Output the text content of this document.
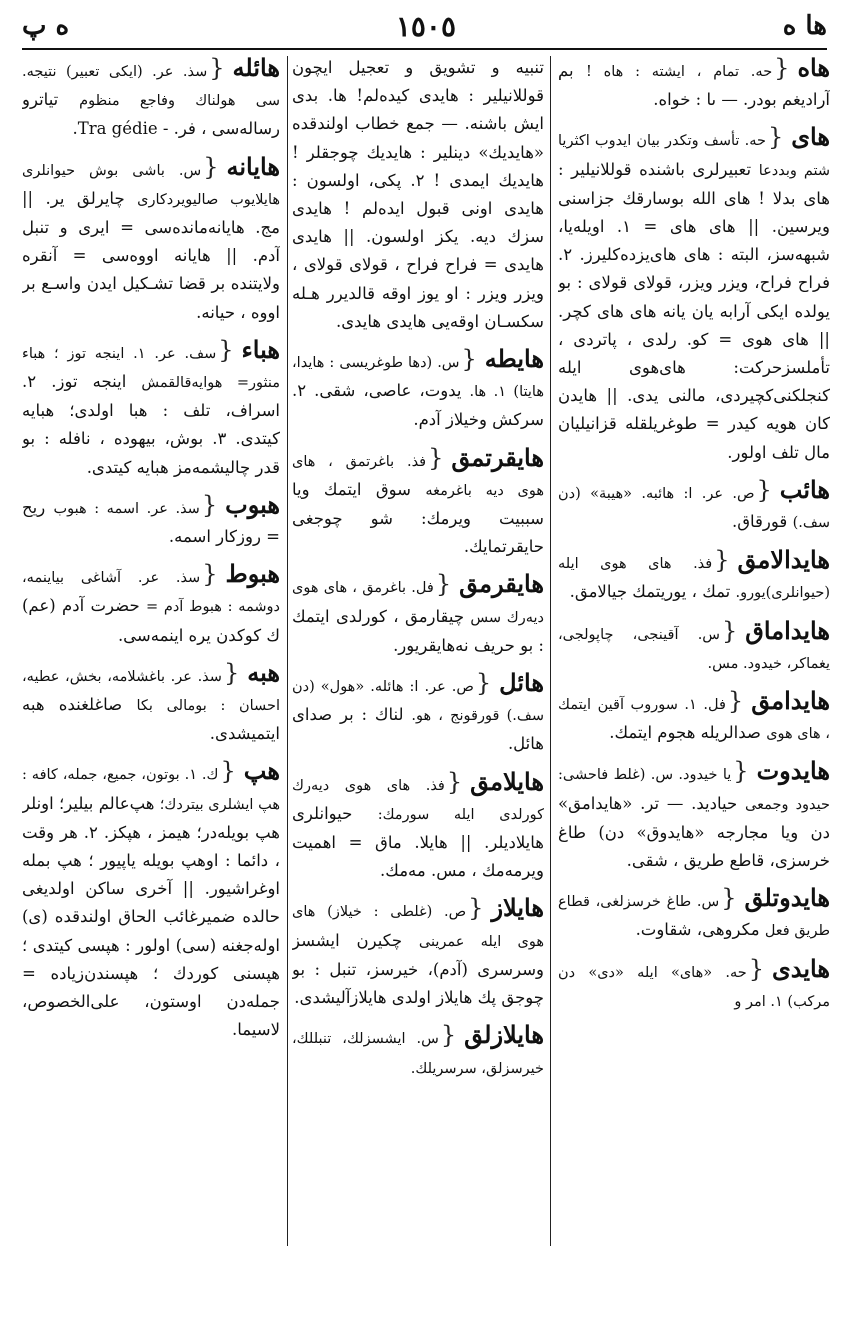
ه پ	١٥٠٥	ها ه
هاه{حه. تمام ، ایشته : هاه ! بم آرادیغم بودر. — ىا : خواه.
های{حه. تأسف وتکدر بیان ایدوب اکثریا شتم وبددعا تعبیرلری باشنده قوللانیلیر : های بدلا ! های الله بوسارقك جزاسنی ویرسین. || های های = ١. اویله‌یا، شبهه‌سز، البته : های های‌یزده‌کلیرز. ٢. فراح فراح، ویزر ویزر، قولای قولای : بو یولده ایکی آرابه یان یانه های های کچر. || های هوی = کو. رلدی ، پاتردی ، تأملسزحرکت: های‌هوی ایله کنجلکنی‌کچیردی، مالنی یدی. || هایدن کان هویه کیدر = طوغریلقله قزانیلیان مال تلف اولور.
هائب{ص. عر. ا: هائبه. «هیبة» (دن سف.) قورقاق.
هایدالامق{فذ. های هوی ایله (حیوانلری)یورو. تمك ، یوریتمك جیالامق.
هایداماق{س. آقینجی، چاپولجی، یغماکر، خیدود. مس.
هایدامق{فل. ١. سوروب آقین ایتمك ، های هوی صدالریله هجوم ایتمك.
هایدوت{یا خیدود. س. (غلط فاحشی: حیدود وجمعی حیادید. — تر. «هایدامق» دن ویا مجارجه «هایدوق» دن) طاغ خرسزی، قاطع طریق ، شقی.
هایدوتلق{س. طاغ خرسزلغی، قطاع طریق فعل مکروهی، شقاوت.
هایدی{حه. «های» ایله «دی» دن مرکب) ١. امر و
تنبیه و تشویق و تعجیل ایچون قوللانیلیر : هایدی کیدەلم! ها. بدی ایش باشنه. — جمع خطاب اولندقده «هایدیك» دینلیر : هایدیك چوجقلر ! هایدیك ایمدی ! ٢. پکی، اولسون : هایدی اونی قبول ایدەلم ! هایدی سزك دیه. یکز اولسون. || هایدی هایدی = فراح فراح ، قولای قولای ، ویزر ویزر : او یوز اوقه قالدیرر هـله سکسـان اوقه‌یی هایدی هایدی.
هایطه{س. (دها طوغریسی : هایدا، هایتا) ١. ها. یدوت، عاصی، شقی. ٢. سرکش وخیلاز آدم.
هایقرتمق{فذ. باغرتمق ، های هوی دیه باغرمغه سوق ایتمك ویا سببیت ویرمك: شو چوجغی حایقرتمایك.
هایقرمق{فل. باغرمق ، های هوی دیەرك سس چیقارمق ، کورلدی ایتمك : بو حریف نه‌هایقریور.
هائل{ص. عر. ا: هائله. «هول» (دن سف.) قورقونج ، هو. لناك : بر صدای هائل.
هایلامق{فذ. های هوی دیەرك کورلدی ایله سورمك: حیوانلری هایلادیلر. || هایلا. ماق = اهمیت ویرمه‌مك ، مس. مه‌مك.
هایلاز{ص. (غلطی : خیلاز) های هوی ایله عمرینی چکیرن ایشسز وسرسری (آدم)، خیرسز، تنبل : بو چوجق پك هایلاز اولدی هایلازآلیشدی.
هایلازلق{س. ایشسزلك، تنبللك، خیرسزلق، سرسریلك.
هائله{سذ. عر. (ایکی تعبیر) نتیجه. سی هولناك وفاجع منظوم تیاترو رساله‌سی ، فر. - Tra gédie.
هایانه{س. باشی بوش حیوانلری هایلایوب صالیویردکاری چایرلق یر. || مج. هایانه‌ماندەسی = ایری و تنبل آدم. || هایانه اووه‌سی = آنقره ولایتنده بر قضا تشـکیل ایدن واسـع بر اووه ، حیانه.
هباء{سف. عر. ١. اینجه توز ؛ هباء منثور= هوایه‌قالقمش اینجه توز. ٢. اسراف، تلف : هبا اولدی؛ هبایه کیتدی. ٣. بوش، بیهوده ، نافله : بو قدر چالیشمه‌مز هبایه کیتدی.
هبوب{سذ. عر. اسمه : هبوب ریح = روزکار اسمه.
هبوط{سذ. عر. آشاغی بیاینمه، دوشمه : هبوط آدم = حضرت آدم (عم) ك کوکدن یره اینمه‌سی.
هبه{سذ. عر. باغشلامه، بخش، عطیه، احسان : بومالی بکا صاغلغنده هبه ایتمیشدی.
هپ{ك. ١. بوتون، جمیع، جمله، کافه : هپ ایشلری بیتردك؛ هپ‌عالم بیلیر؛ اونلر هپ بویله‌در؛ هیمز ، هپکز. ٢. هر وقت ، دائما : اوهپ بویله یاپیور ؛ هپ بمله اوغراشیور. || آخری ساکن اولدیغی حالده ضمیرغائب الحاق اولندقده (ی) اوله‌جغنه (سی) اولور : هپسی کیتدی ؛ هپسنی کوردك ؛ هپسندن‌زیاده = جمله‌دن اوستون، علی‌الخصوص، لاسیما.
